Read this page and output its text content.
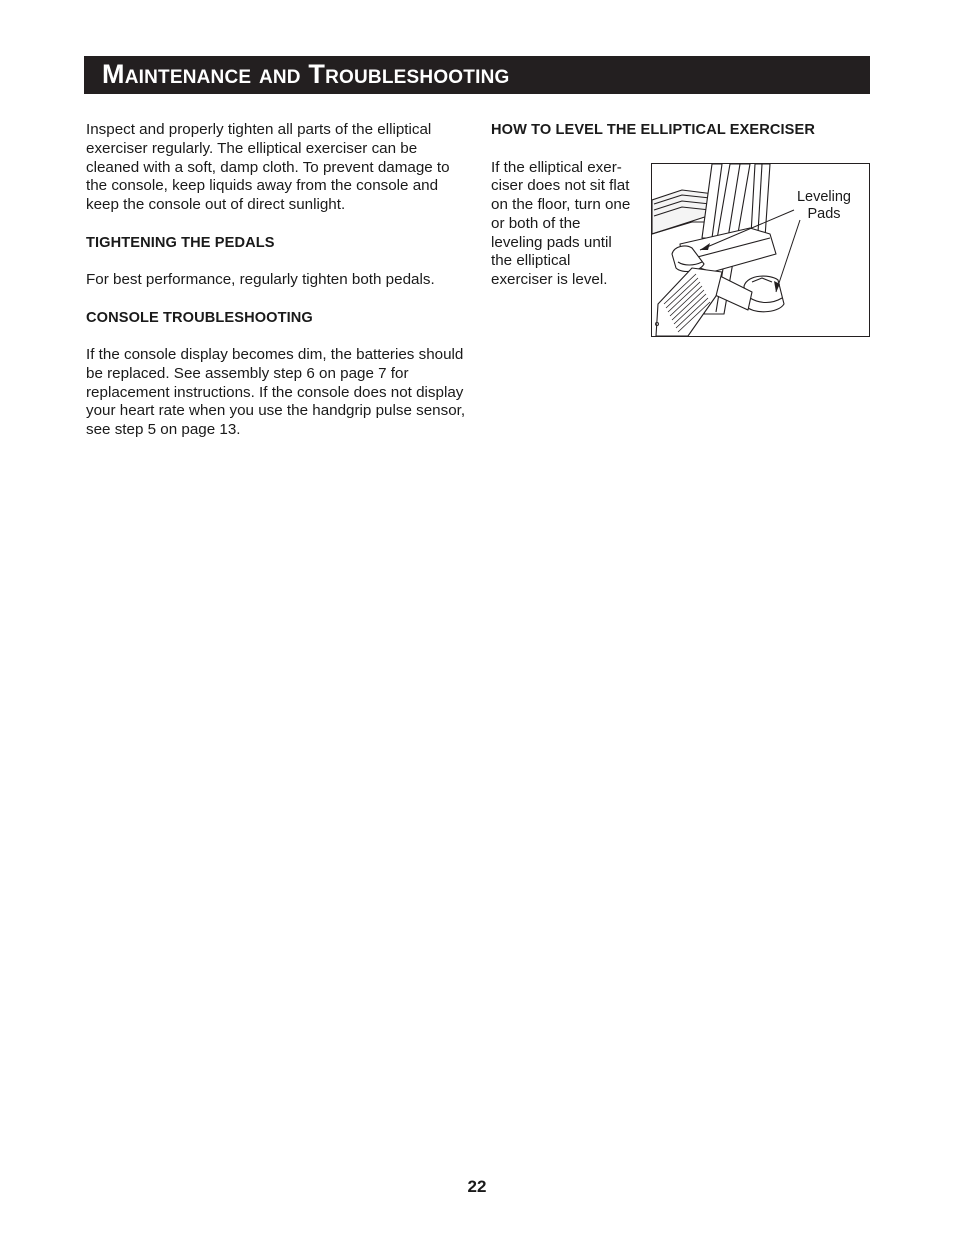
Maintenance and Troubleshooting

Inspect and properly tighten all parts of the elliptical exerciser regularly. The elliptical exerciser can be cleaned with a soft, damp cloth. To prevent damage to the console, keep liquids away from the console and keep the console out of direct sunlight.

TIGHTENING THE PEDALS

For best performance, regularly tighten both pedals.

CONSOLE TROUBLESHOOTING

If the console display becomes dim, the batteries should be replaced. See assembly step 6 on page 7 for replacement instructions. If the console does not display your heart rate when you use the handgrip pulse sensor, see step 5 on page 13.

HOW TO LEVEL THE ELLIPTICAL EXERCISER

If the elliptical exer-ciser does not sit flat on the floor, turn one or both of the leveling pads until the elliptical exerciser is level.

Leveling
Pads
22
